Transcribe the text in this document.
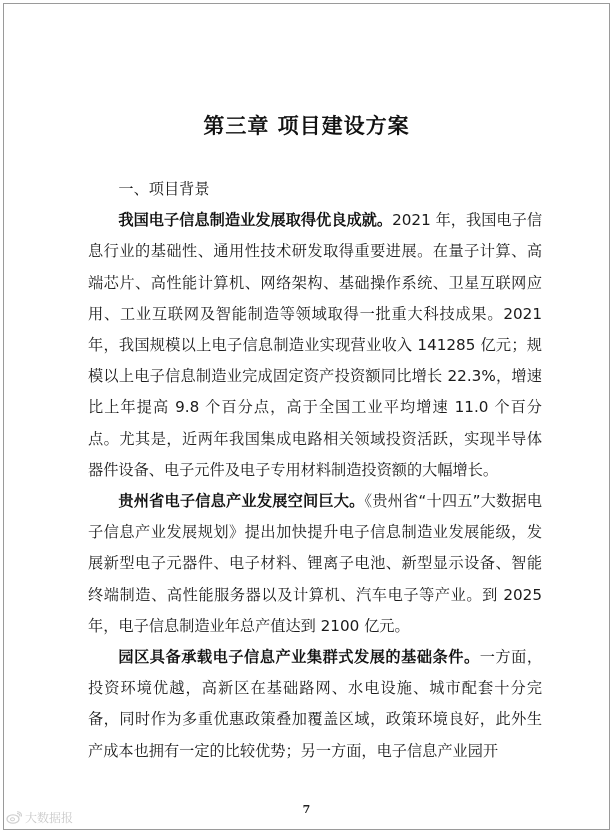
第三章 项目建设方案

一、项目背景

我国电子信息制造业发展取得优良成就。2021 年，我国电子信息行业的基础性、通用性技术研发取得重要进展。在量子计算、高端芯片、高性能计算机、网络架构、基础操作系统、卫星互联网应用、工业互联网及智能制造等领域取得一批重大科技成果。2021 年，我国规模以上电子信息制造业实现营业收入 141285 亿元；规模以上电子信息制造业完成固定资产投资额同比增长 22.3%，增速比上年提高 9.8 个百分点，高于全国工业平均增速 11.0 个百分点。尤其是，近两年我国集成电路相关领域投资活跃，实现半导体器件设备、电子元件及电子专用材料制造投资额的大幅增长。

贵州省电子信息产业发展空间巨大。《贵州省“十四五”大数据电子信息产业发展规划》提出加快提升电子信息制造业发展能级，发展新型电子元器件、电子材料、锂离子电池、新型显示设备、智能终端制造、高性能服务器以及计算机、汽车电子等产业。到 2025 年，电子信息制造业年总产值达到 2100 亿元。

园区具备承载电子信息产业集群式发展的基础条件。一方面，投资环境优越，高新区在基础路网、水电设施、城市配套十分完备，同时作为多重优惠政策叠加覆盖区域，政策环境良好，此外生产成本也拥有一定的比较优势；另一方面，电子信息产业园开

7
大数据报
